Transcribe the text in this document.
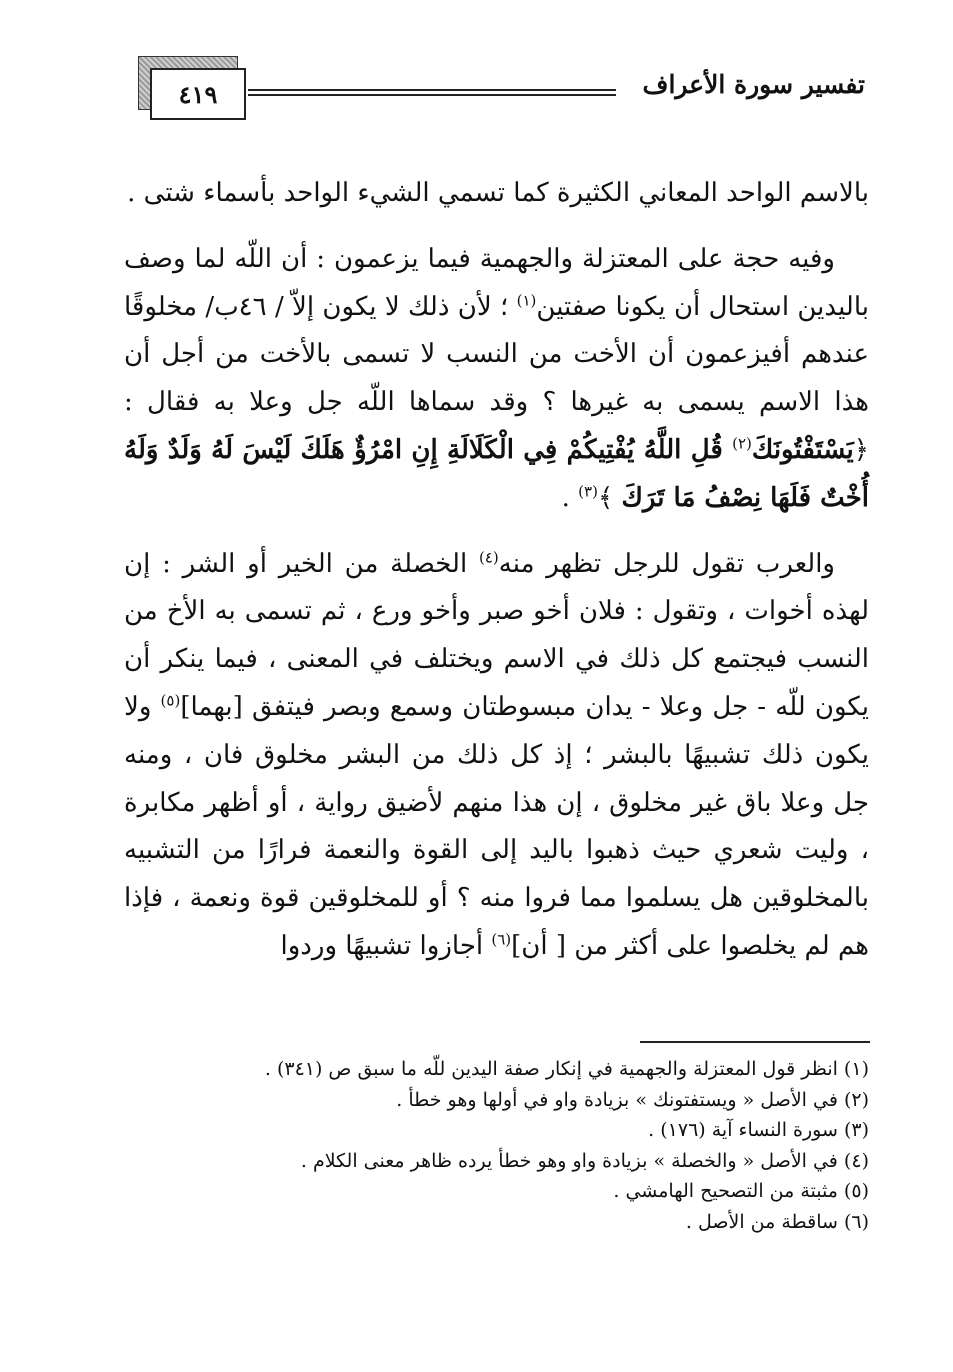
٤١٩	تفسير سورة الأعراف

بالاسم الواحد المعاني الكثيرة كما تسمي الشيء الواحد بأسماء شتى .

وفيه حجة على المعتزلة والجهمية فيما يزعمون : أن اللّه لما وصف باليدين استحال أن يكونا صفتين$^{(١)}$ ؛ لأن ذلك لا يكون إلاّ / ٤٦ب/ مخلوقًا عندهم أفيزعمون أن الأخت من النسب لا تسمى بالأخت من أجل أن هذا الاسم يسمى به غيرها ؟ وقد سماها اللّه جل وعلا به فقال : ﴿يَسْتَفْتُونَكَ$^{(٢)}$ قُلِ اللَّهُ يُفْتِيكُمْ فِي الْكَلَالَةِ إِنِ امْرُؤٌ هَلَكَ لَيْسَ لَهُ وَلَدٌ وَلَهُ أُخْتٌ فَلَهَا نِصْفُ مَا تَرَكَ ﴾$^{(٣)}$ .

والعرب تقول للرجل تظهر منه$^{(٤)}$ الخصلة من الخير أو الشر : إن لهذه أخوات ، وتقول : فلان أخو صبر وأخو ورع ، ثم تسمى به الأخ من النسب فيجتمع كل ذلك في الاسم ويختلف في المعنى ، فيما ينكر أن يكون للّه - جل وعلا - يدان مبسوطتان وسمع وبصر فيتفق [بهما]$^{(٥)}$ ولا يكون ذلك تشبيهًا بالبشر ؛ إذ كل ذلك من البشر مخلوق فان ، ومنه جل وعلا باق غير مخلوق ، إن هذا منهم لأضيق رواية ، أو أظهر مكابرة ، وليت شعري حيث ذهبوا باليد إلى القوة والنعمة فرارًا من التشبيه بالمخلوقين هل يسلموا مما فروا منه ؟ أو للمخلوقين قوة ونعمة ، فإذا هم لم يخلصوا على أكثر من [ أن]$^{(٦)}$ أجازوا تشبيهًا وردوا

(١) انظر قول المعتزلة والجهمية في إنكار صفة اليدين للّه ما سبق ص (٣٤١) .
(٢) في الأصل « ويستفتونك » بزيادة واو في أولها وهو خطأ .
(٣) سورة النساء آية (١٧٦) .
(٤) في الأصل « والخصلة » بزيادة واو وهو خطأ يرده ظاهر معنى الكلام .
(٥) مثبتة من التصحيح الهامشي .
(٦) ساقطة من الأصل .
